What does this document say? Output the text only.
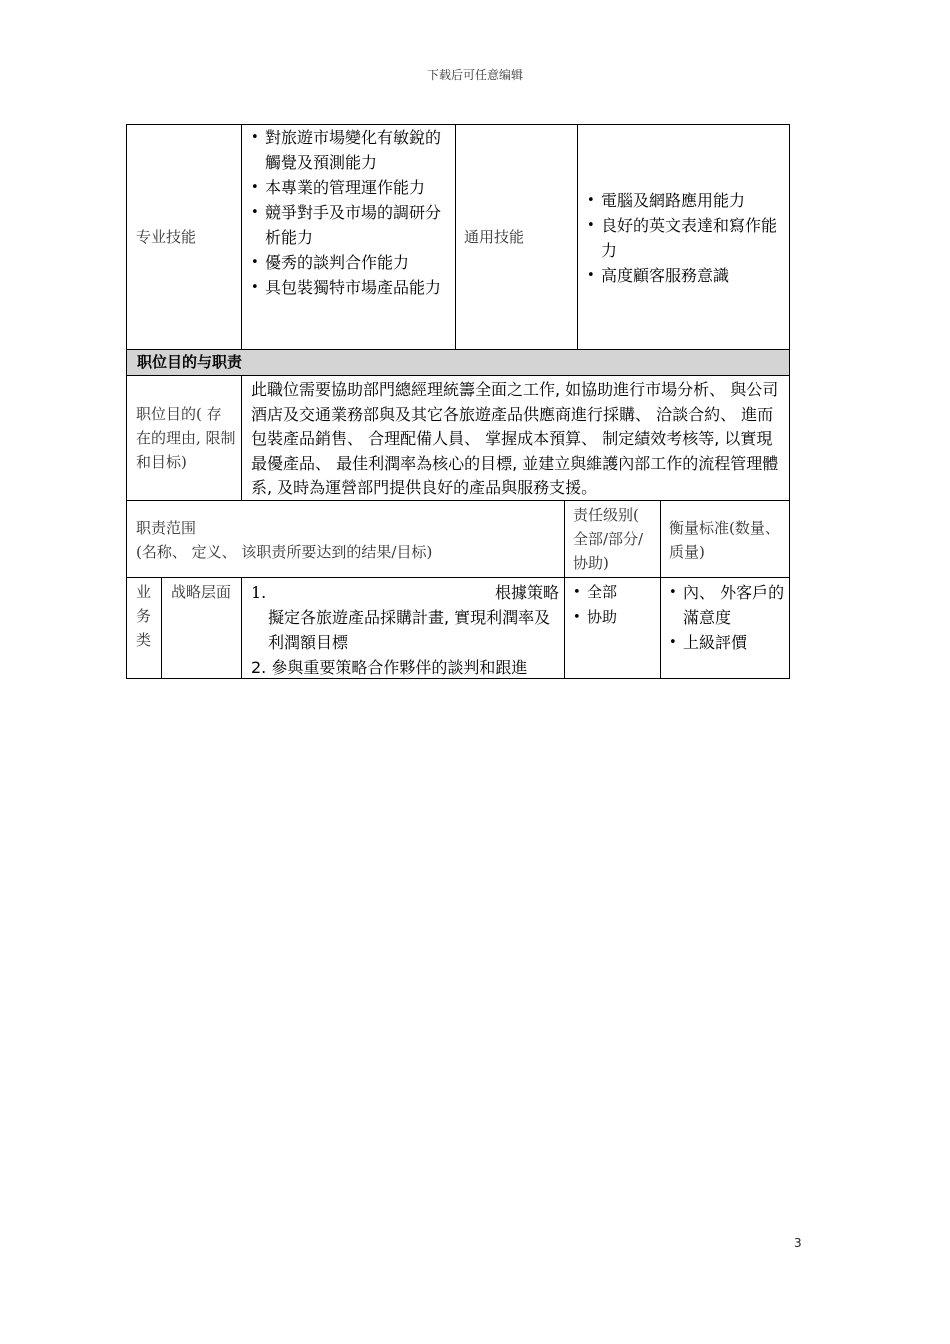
下载后可任意编辑
专业技能
• 對旅遊市場變化有敏銳的觸覺及預測能力
• 本專業的管理運作能力
• 競爭對手及市場的調研分析能力
• 優秀的談判合作能力
• 具包裝獨特市場產品能力
通用技能
• 電腦及網路應用能力
• 良好的英文表達和寫作能力
• 高度顧客服務意識
职位目的与职责
职位目的( 存在的理由, 限制和目标)
此職位需要協助部門總經理統籌全面之工作, 如協助進行市場分析、 與公司酒店及交通業務部與及其它各旅遊產品供應商進行採購、 洽談合約、 進而包裝產品銷售、 合理配備人員、 掌握成本預算、 制定績效考核等, 以實現最優產品、 最佳利潤率為核心的目標, 並建立與維護內部工作的流程管理體系, 及時為運營部門提供良好的產品與服務支援。
职责范围
(名称、 定义、 该职责所要达到的结果/目标)
责任级别( 全部/部分/协助)
衡量标准(数量、 质量)
业务类
战略层面 1.	根據策略
擬定各旅遊產品採購計畫, 實現利潤率及利潤額目標
2. 參與重要策略合作夥伴的談判和跟進
• 全部
• 协助
• 內、 外客戶的滿意度
• 上級評價
3
